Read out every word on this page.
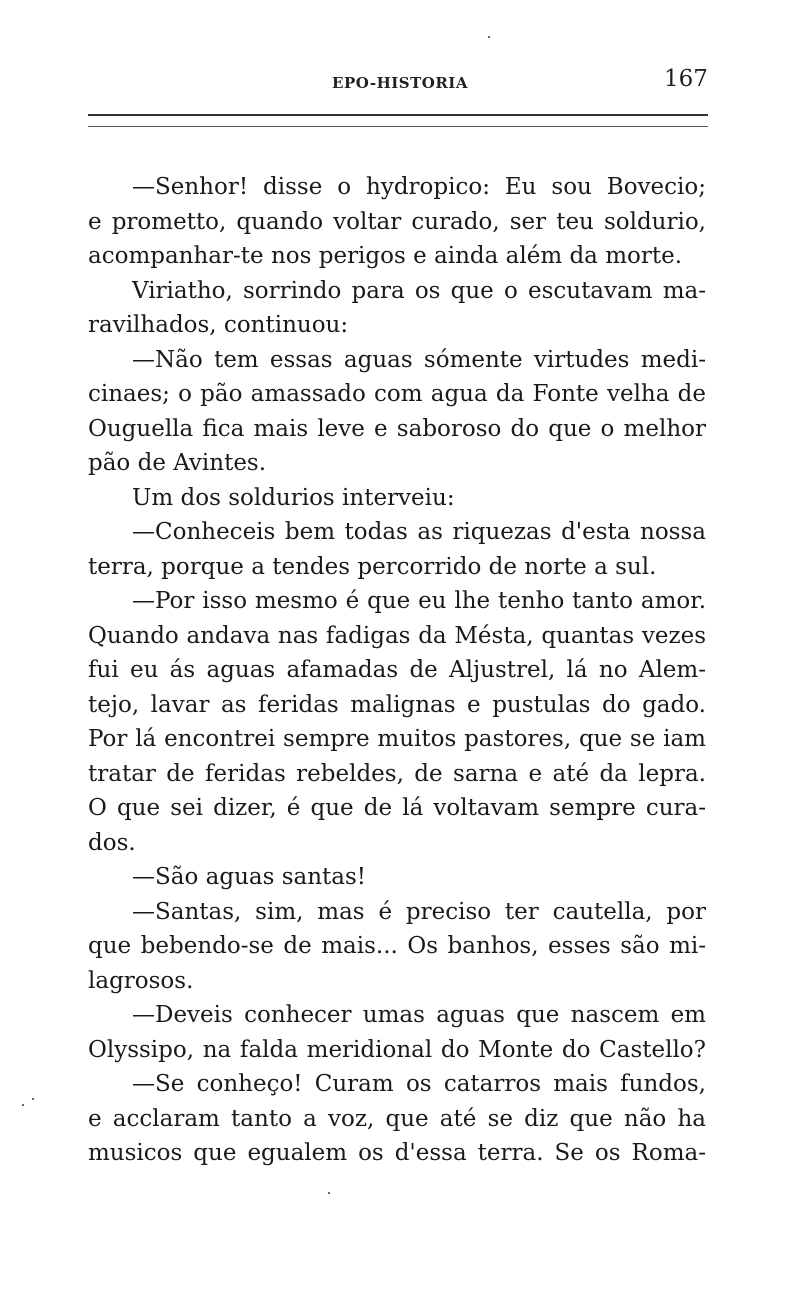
EPO-HISTORIA	167
—Senhor! disse o hydropico: Eu sou Bovecio;
e prometto, quando voltar curado, ser teu soldurio,
acompanhar-te nos perigos e ainda além da morte.
Viriatho, sorrindo para os que o escutavam ma-
ravilhados, continuou:
—Não tem essas aguas sómente virtudes medi-
cinaes; o pão amassado com agua da Fonte velha de
Ouguella fica mais leve e saboroso do que o melhor
pão de Avintes.
Um dos soldurios interveiu:
—Conheceis bem todas as riquezas d'esta nossa
terra, porque a tendes percorrido de norte a sul.
—Por isso mesmo é que eu lhe tenho tanto amor.
Quando andava nas fadigas da Mésta, quantas vezes
fui eu ás aguas afamadas de Aljustrel, lá no Alem-
tejo, lavar as feridas malignas e pustulas do gado.
Por lá encontrei sempre muitos pastores, que se iam
tratar de feridas rebeldes, de sarna e até da lepra.
O que sei dizer, é que de lá voltavam sempre cura-
dos.
—São aguas santas!
—Santas, sim, mas é preciso ter cautella, por
que bebendo-se de mais... Os banhos, esses são mi-
lagrosos.
—Deveis conhecer umas aguas que nascem em
Olyssipo, na falda meridional do Monte do Castello?
—Se conheço! Curam os catarros mais fundos,
e acclaram tanto a voz, que até se diz que não ha
musicos que egualem os d'essa terra. Se os Roma-
